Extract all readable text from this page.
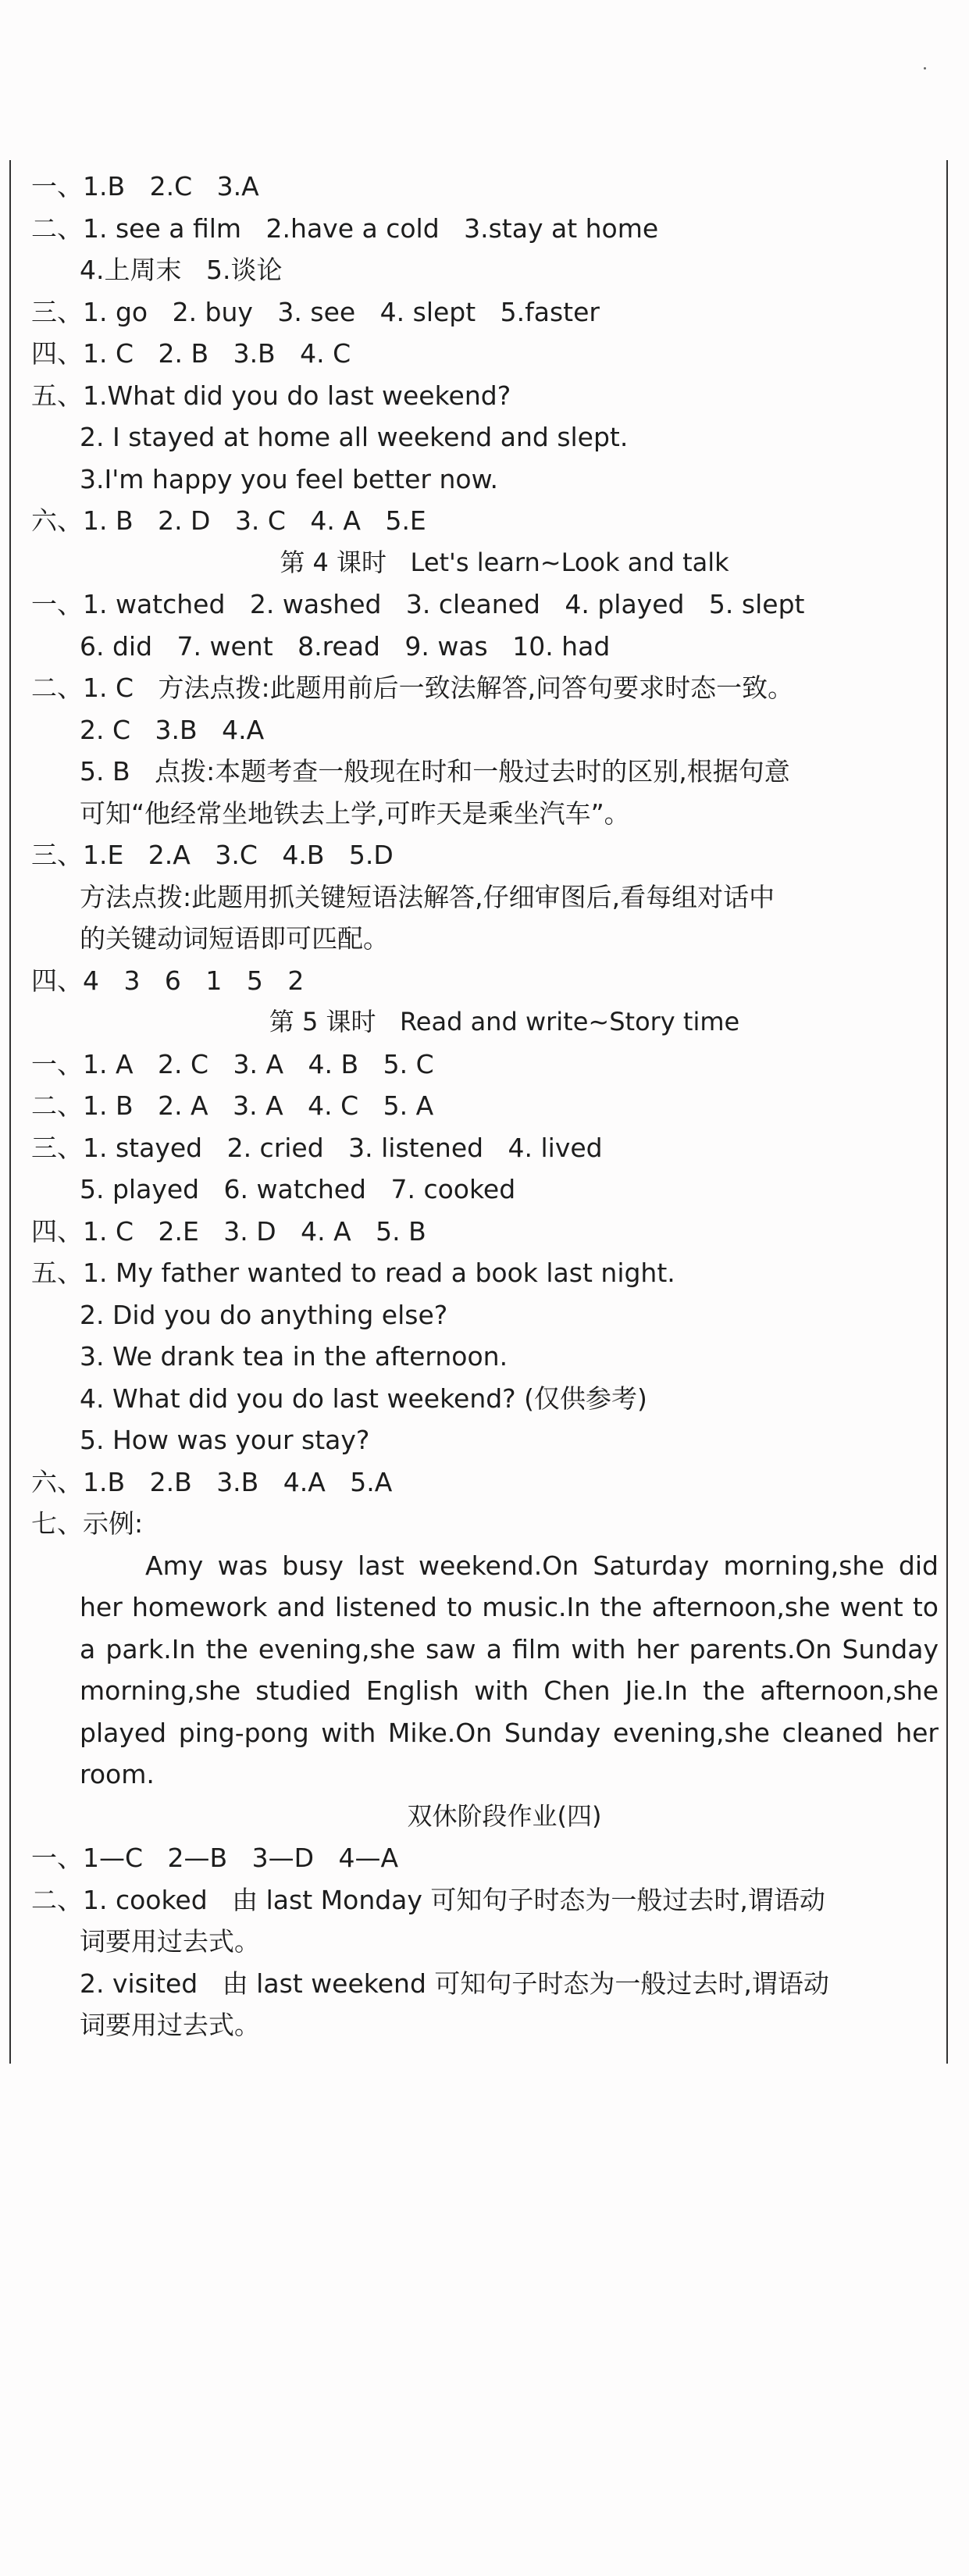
一、1.B   2.C   3.A
二、1. see a film   2.have a cold   3.stay at home
4.上周末   5.谈论
三、1. go   2. buy   3. see   4. slept   5.faster
四、1. C   2. B   3.B   4. C
五、1.What did you do last weekend?
2. I stayed at home all weekend and slept.
3.I'm happy you feel better now.
六、1. B   2. D   3. C   4. A   5.E
第 4 课时   Let's learn~Look and talk
一、1. watched   2. washed   3. cleaned   4. played   5. slept
6. did   7. went   8.read   9. was   10. had
二、1. C   方法点拨:此题用前后一致法解答,问答句要求时态一致。
2. C   3.B   4.A
5. B   点拨:本题考查一般现在时和一般过去时的区别,根据句意
可知“他经常坐地铁去上学,可昨天是乘坐汽车”。
三、1.E   2.A   3.C   4.B   5.D
方法点拨:此题用抓关键短语法解答,仔细审图后,看每组对话中
的关键动词短语即可匹配。
四、4   3   6   1   5   2
第 5 课时   Read and write~Story time
一、1. A   2. C   3. A   4. B   5. C
二、1. B   2. A   3. A   4. C   5. A
三、1. stayed   2. cried   3. listened   4. lived
5. played   6. watched   7. cooked
四、1. C   2.E   3. D   4. A   5. B
五、1. My father wanted to read a book last night.
2. Did you do anything else?
3. We drank tea in the afternoon.
4. What did you do last weekend? (仅供参考)
5. How was your stay?
六、1.B   2.B   3.B   4.A   5.A
七、示例:

Amy was busy last weekend.On Saturday morning,she did her homework and listened to music.In the afternoon,she went to a park.In the evening,she saw a film with her parents.On Sunday morning,she studied English with Chen Jie.In the afternoon,she played ping-pong with Mike.On Sunday evening,she cleaned her room.

双休阶段作业(四)
一、1—C   2—B   3—D   4—A
二、1. cooked   由 last Monday 可知句子时态为一般过去时,谓语动
词要用过去式。
2. visited   由 last weekend 可知句子时态为一般过去时,谓语动
词要用过去式。
